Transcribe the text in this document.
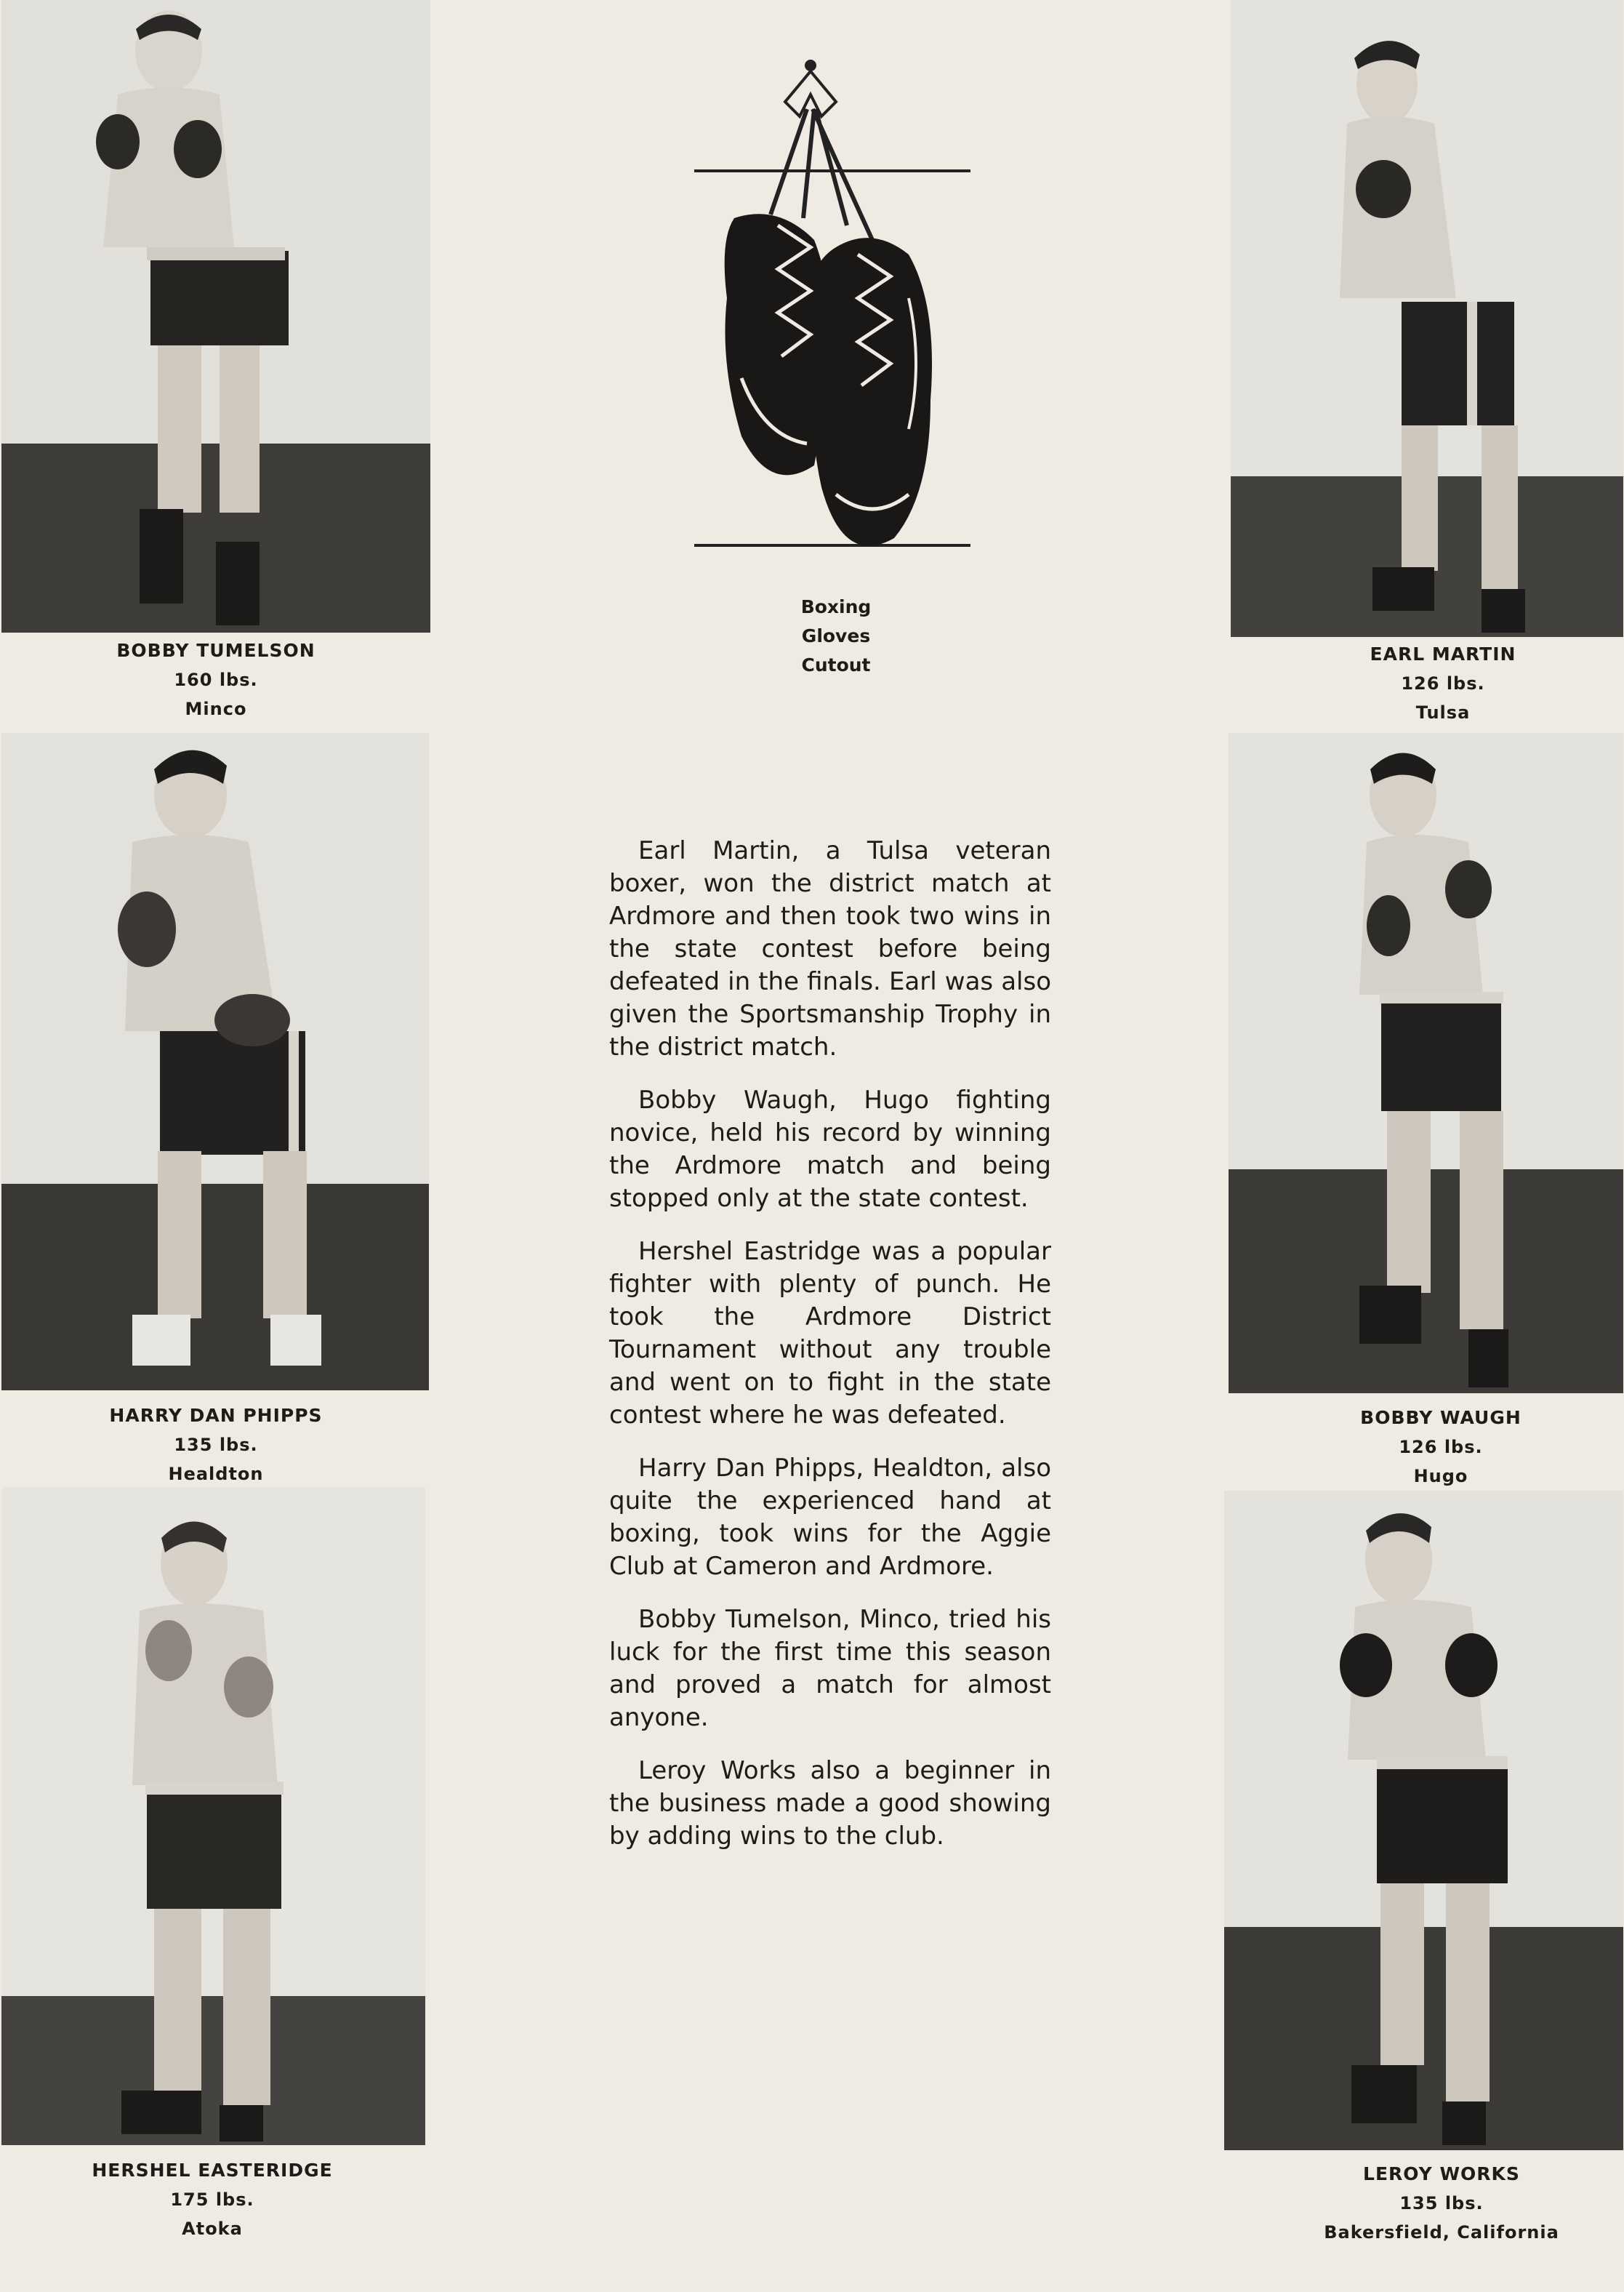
BOBBY TUMELSON
160 lbs.
Minco
Boxing
Gloves
Cutout
EARL MARTIN
126 lbs.
Tulsa
HARRY DAN PHIPPS
135 lbs.
Healdton

Earl Martin, a Tulsa veteran boxer, won the district match at Ardmore and then took two wins in the state contest before being defeated in the finals. Earl was also given the Sportsmanship Trophy in the district match.

Bobby Waugh, Hugo fighting novice, held his record by winning the Ardmore match and being stopped only at the state contest.

Hershel Eastridge was a popular fighter with plenty of punch. He took the Ardmore District Tournament without any trouble and went on to fight in the state contest where he was defeated.

Harry Dan Phipps, Healdton, also quite the experienced hand at boxing, took wins for the Aggie Club at Cameron and Ardmore.

Bobby Tumelson, Minco, tried his luck for the first time this season and proved a match for almost anyone.

Leroy Works also a beginner in the business made a good showing by adding wins to the club.

BOBBY WAUGH
126 lbs.
Hugo
HERSHEL EASTERIDGE
175 lbs.
Atoka
LEROY WORKS
135 lbs.
Bakersfield, California
